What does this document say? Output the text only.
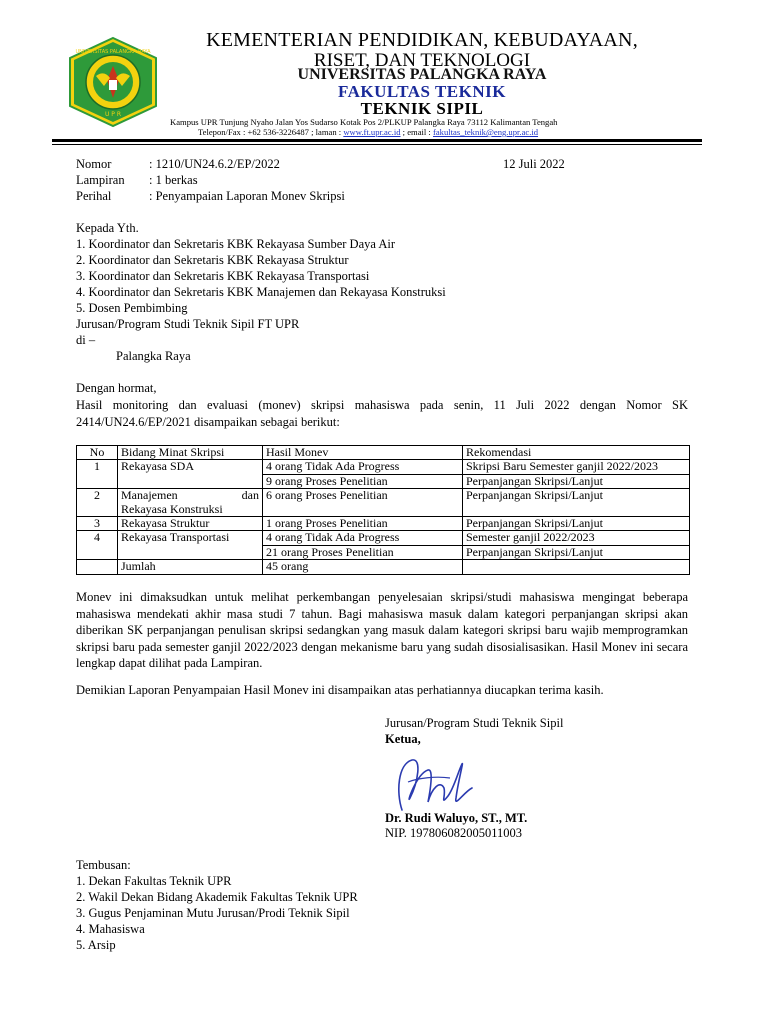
U P R
UNIVERSITAS PALANGKA RAYA
KEMENTERIAN PENDIDIKAN, KEBUDAYAAN,
RISET, DAN TEKNOLOGI
UNIVERSITAS PALANGKA RAYA
FAKULTAS TEKNIK
TEKNIK SIPIL
Kampus UPR Tunjung Nyaho Jalan Yos Sudarso Kotak Pos 2/PLKUP Palangka Raya 73112 Kalimantan Tengah
Telepon/Fax : +62 536-3226487 ; laman : www.ft.upr.ac.id ; email : fakultas_teknik@eng.upr.ac.id
Nomor	: 1210/UN24.6.2/EP/2022	12 Juli 2022
Lampiran : 1 berkas
Perihal	: Penyampaian Laporan Monev Skripsi
Kepada Yth.
1. Koordinator dan Sekretaris KBK Rekayasa Sumber Daya Air
2. Koordinator dan Sekretaris KBK Rekayasa Struktur
3. Koordinator dan Sekretaris KBK Rekayasa Transportasi
4. Koordinator dan Sekretaris KBK Manajemen dan Rekayasa Konstruksi
5. Dosen Pembimbing
Jurusan/Program Studi Teknik Sipil FT UPR
di –
Palangka Raya
Dengan hormat,
Hasil monitoring dan evaluasi (monev) skripsi mahasiswa pada senin, 11 Juli 2022 dengan Nomor SK 2414/UN24.6/EP/2021 disampaikan sebagai berikut:
No	Bidang Minat Skripsi	Hasil Monev	Rekomendasi
1	Rekayasa SDA	4 orang Tidak Ada Progress	Skripsi Baru Semester ganjil 2022/2023
		9 orang Proses Penelitian	Perpanjangan Skripsi/Lanjut
2	Manajemen dan
Rekayasa Konstruksi	6 orang Proses Penelitian	Perpanjangan Skripsi/Lanjut
3	Rekayasa Struktur	1 orang Proses Penelitian	Perpanjangan Skripsi/Lanjut
4	Rekayasa Transportasi	4 orang Tidak Ada Progress	Semester ganjil 2022/2023
		21 orang Proses Penelitian	Perpanjangan Skripsi/Lanjut
	Jumlah	45 orang	
Monev ini dimaksudkan untuk melihat perkembangan penyelesaian skripsi/studi mahasiswa mengingat beberapa mahasiswa mendekati akhir masa studi 7 tahun. Bagi mahasiswa masuk dalam kategori perpanjangan skripsi akan diberikan SK perpanjangan penulisan skripsi sedangkan yang masuk dalam kategori skripsi baru wajib memprogramkan skripsi baru pada semester ganjil 2022/2023 dengan mekanisme baru yang sudah disosialisasikan. Hasil Monev ini secara lengkap dapat dilihat pada Lampiran.
Demikian Laporan Penyampaian Hasil Monev ini disampaikan atas perhatiannya diucapkan terima kasih.
Jurusan/Program Studi Teknik Sipil
Ketua,
Dr. Rudi Waluyo, ST., MT.
NIP. 197806082005011003
Tembusan:
1. Dekan Fakultas Teknik UPR
2. Wakil Dekan Bidang Akademik Fakultas Teknik UPR
3. Gugus Penjaminan Mutu Jurusan/Prodi Teknik Sipil
4. Mahasiswa
5. Arsip
